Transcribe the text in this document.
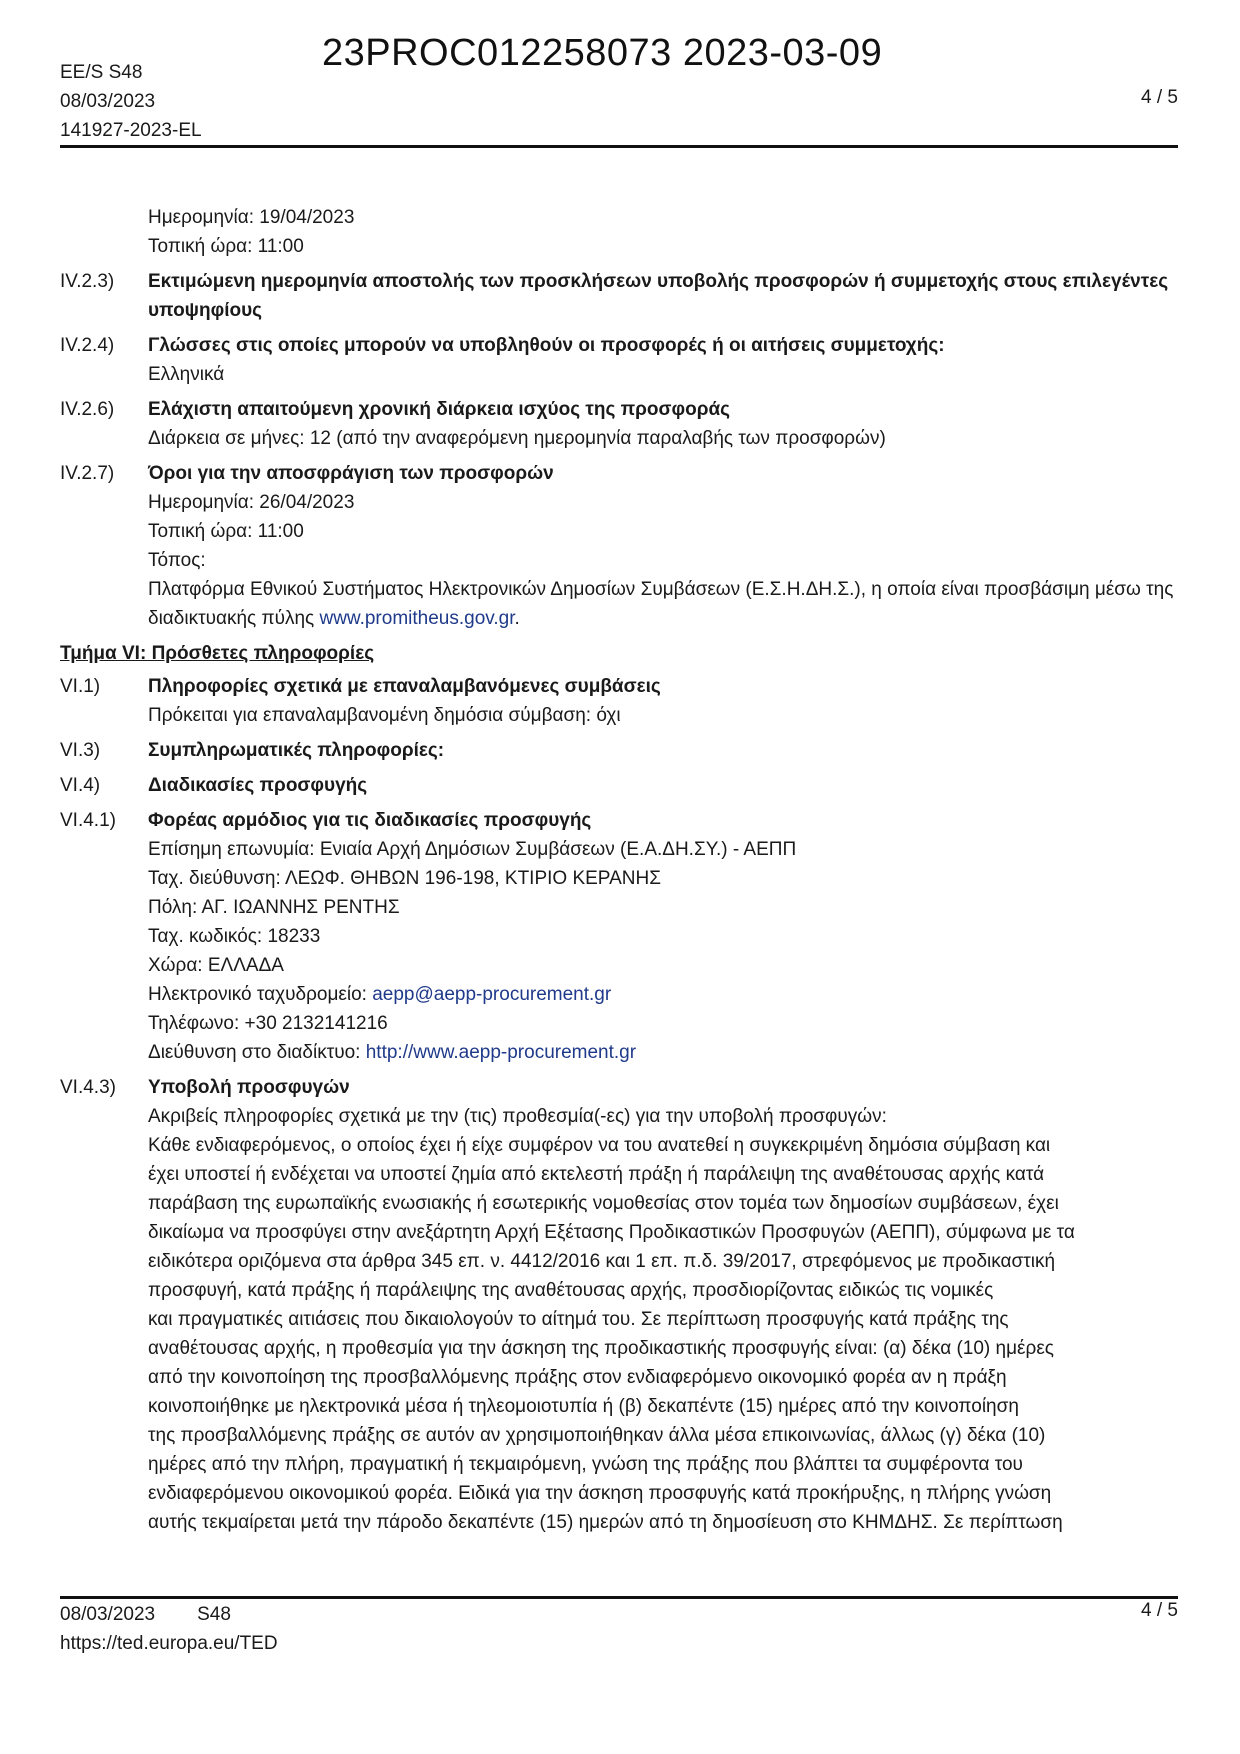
23PROC012258073 2023-03-09
EE/S S48
08/03/2023
141927-2023-EL
4 / 5
Ημερομηνία: 19/04/2023
Τοπική ώρα: 11:00
IV.2.3)	Εκτιμώμενη ημερομηνία αποστολής των προσκλήσεων υποβολής προσφορών ή συμμετοχής στους επιλεγέντες υποψηφίους
IV.2.4)	Γλώσσες στις οποίες μπορούν να υποβληθούν οι προσφορές ή οι αιτήσεις συμμετοχής:
Ελληνικά
IV.2.6)	Ελάχιστη απαιτούμενη χρονική διάρκεια ισχύος της προσφοράς
Διάρκεια σε μήνες: 12 (από την αναφερόμενη ημερομηνία παραλαβής των προσφορών)
IV.2.7)	Όροι για την αποσφράγιση των προσφορών
Ημερομηνία: 26/04/2023
Τοπική ώρα: 11:00
Τόπος:
Πλατφόρμα Εθνικού Συστήματος Ηλεκτρονικών Δημοσίων Συμβάσεων (Ε.Σ.Η.ΔΗ.Σ.), η οποία είναι προσβάσιμη μέσω της διαδικτυακής πύλης www.promitheus.gov.gr.
Τμήμα VI: Πρόσθετες πληροφορίες
VI.1)	Πληροφορίες σχετικά με επαναλαμβανόμενες συμβάσεις
Πρόκειται για επαναλαμβανομένη δημόσια σύμβαση: όχι
VI.3)	Συμπληρωματικές πληροφορίες:
VI.4)	Διαδικασίες προσφυγής
VI.4.1)	Φορέας αρμόδιος για τις διαδικασίες προσφυγής
Επίσημη επωνυμία: Ενιαία Αρχή Δημόσιων Συμβάσεων (Ε.Α.ΔΗ.ΣΥ.) - ΑΕΠΠ
Ταχ. διεύθυνση: ΛΕΩΦ. ΘΗΒΩΝ 196-198, ΚΤΙΡΙΟ ΚΕΡΑΝΗΣ
Πόλη: ΑΓ. ΙΩΑΝΝΗΣ ΡΕΝΤΗΣ
Ταχ. κωδικός: 18233
Χώρα: ΕΛΛΑΔΑ
Ηλεκτρονικό ταχυδρομείο: aepp@aepp-procurement.gr
Τηλέφωνο: +30 2132141216
Διεύθυνση στο διαδίκτυο: http://www.aepp-procurement.gr
VI.4.3)	Υποβολή προσφυγών
Ακριβείς πληροφορίες σχετικά με την (τις) προθεσμία(-ες) για την υποβολή προσφυγών:
Κάθε ενδιαφερόμενος, ο οποίος έχει ή είχε συμφέρον να του ανατεθεί η συγκεκριμένη δημόσια σύμβαση και
έχει υποστεί ή ενδέχεται να υποστεί ζημία από εκτελεστή πράξη ή παράλειψη της αναθέτουσας αρχής κατά
παράβαση της ευρωπαϊκής ενωσιακής ή εσωτερικής νομοθεσίας στον τομέα των δημοσίων συμβάσεων, έχει
δικαίωμα να προσφύγει στην ανεξάρτητη Αρχή Εξέτασης Προδικαστικών Προσφυγών (ΑΕΠΠ), σύμφωνα με τα
ειδικότερα οριζόμενα στα άρθρα 345 επ. ν. 4412/2016 και 1 επ. π.δ. 39/2017, στρεφόμενος με προδικαστική
προσφυγή, κατά πράξης ή παράλειψης της αναθέτουσας αρχής, προσδιορίζοντας ειδικώς τις νομικές
και πραγματικές αιτιάσεις που δικαιολογούν το αίτημά του. Σε περίπτωση προσφυγής κατά πράξης της
αναθέτουσας αρχής, η προθεσμία για την άσκηση της προδικαστικής προσφυγής είναι: (α) δέκα (10) ημέρες
από την κοινοποίηση της προσβαλλόμενης πράξης στον ενδιαφερόμενο οικονομικό φορέα αν η πράξη
κοινοποιήθηκε με ηλεκτρονικά μέσα ή τηλεομοιοτυπία ή (β) δεκαπέντε (15) ημέρες από την κοινοποίηση
της προσβαλλόμενης πράξης σε αυτόν αν χρησιμοποιήθηκαν άλλα μέσα επικοινωνίας, άλλως (γ) δέκα (10)
ημέρες από την πλήρη, πραγματική ή τεκμαιρόμενη, γνώση της πράξης που βλάπτει τα συμφέροντα του
ενδιαφερόμενου οικονομικού φορέα. Ειδικά για την άσκηση προσφυγής κατά προκήρυξης, η πλήρης γνώση
αυτής τεκμαίρεται μετά την πάροδο δεκαπέντε (15) ημερών από τη δημοσίευση στο ΚΗΜΔΗΣ. Σε περίπτωση
08/03/2023 S48
https://ted.europa.eu/TED
4 / 5
